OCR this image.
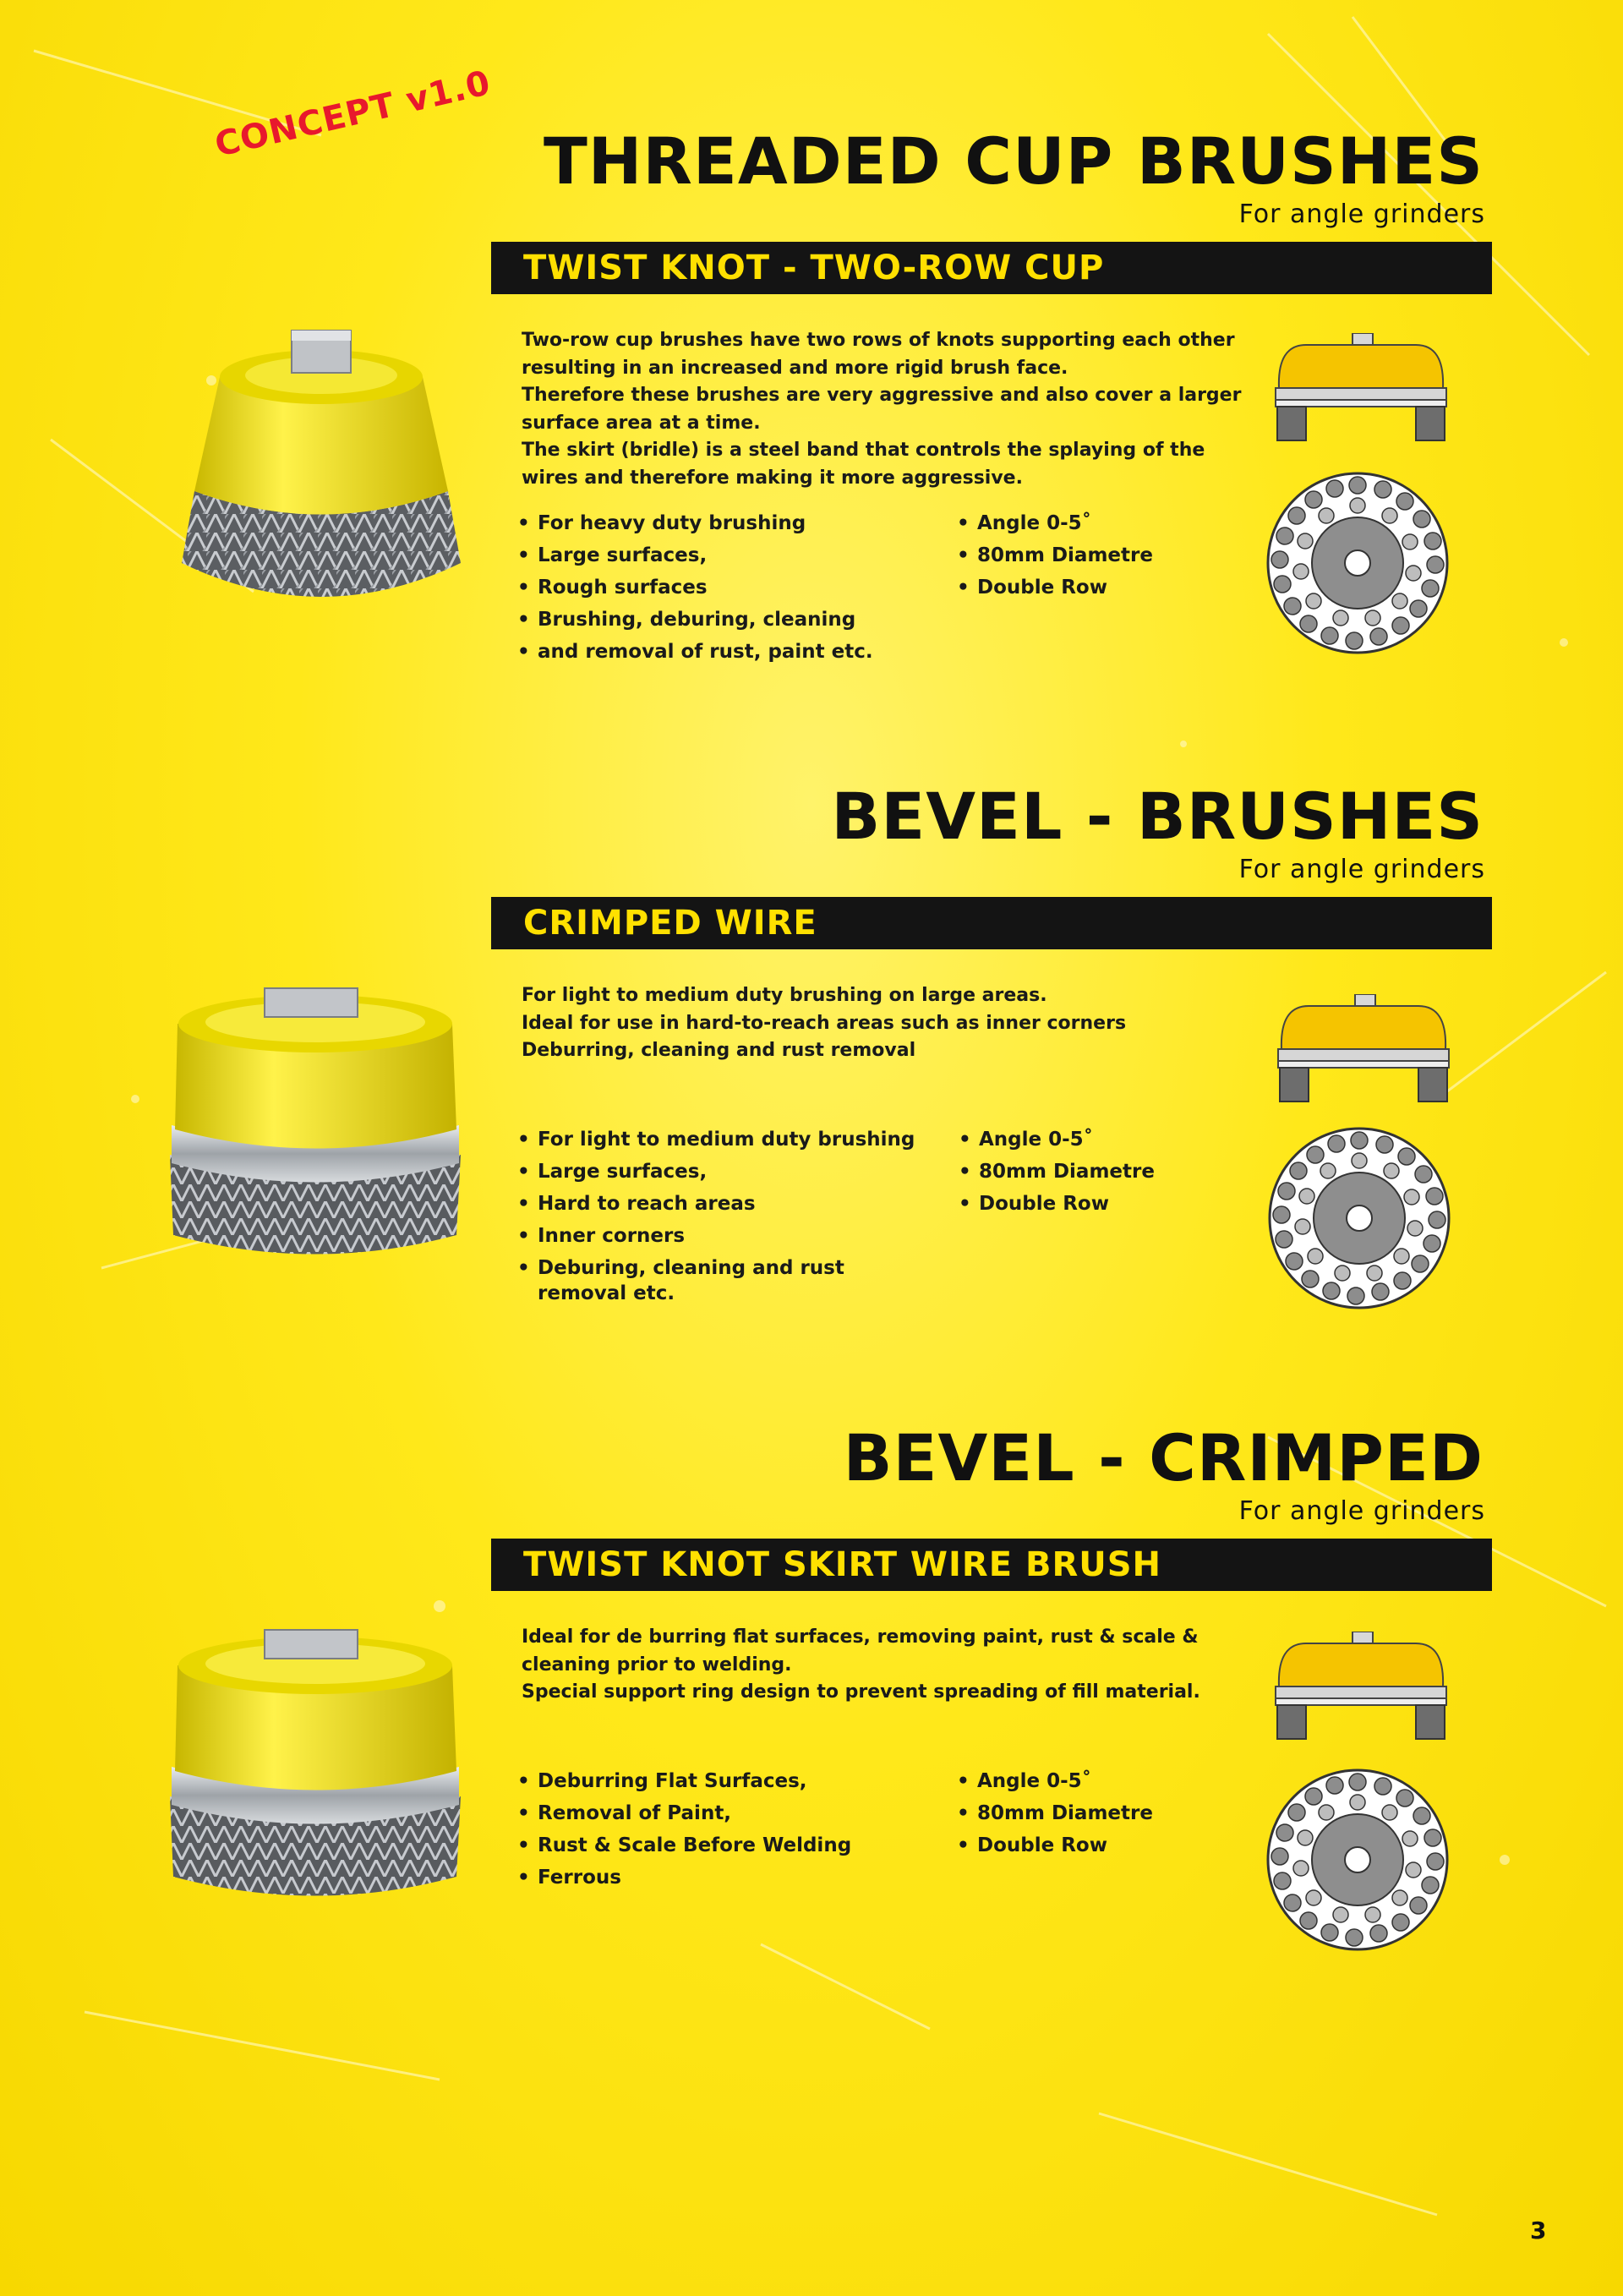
CONCEPT v1.0 THREADED CUP BRUSHES
For angle grinders
TWIST KNOT - TWO-ROW CUP
Two-row cup brushes have two rows of knots supporting each other
resulting in an increased and more rigid brush face.
Therefore these brushes are very aggressive and also cover a larger
surface area at a time.
The skirt (bridle) is a steel band that controls the splaying of the
wires and therefore making it more aggressive.
• For heavy duty brushing
• Large surfaces,
• Rough surfaces
• Brushing, deburing, cleaning
• and removal of rust, paint etc.
• Angle 0-5˚
• 80mm Diametre
• Double Row
BEVEL - BRUSHES
For angle grinders
CRIMPED WIRE
For light to medium duty brushing on large areas.
Ideal for use in hard-to-reach areas such as inner corners
Deburring, cleaning and rust removal
• For light to medium duty brushing
• Large surfaces,
• Hard to reach areas
• Inner corners
• Deburing, cleaning and rust removal etc.
• Angle 0-5˚
• 80mm Diametre
• Double Row
BEVEL - CRIMPED
For angle grinders
TWIST KNOT SKIRT WIRE BRUSH
Ideal for de burring flat surfaces, removing paint, rust & scale &
cleaning prior to welding.
Special support ring design to prevent spreading of fill material.
• Deburring Flat Surfaces,
• Removal of Paint,
• Rust & Scale Before Welding
• Ferrous
• Angle 0-5˚
• 80mm Diametre
• Double Row
3
